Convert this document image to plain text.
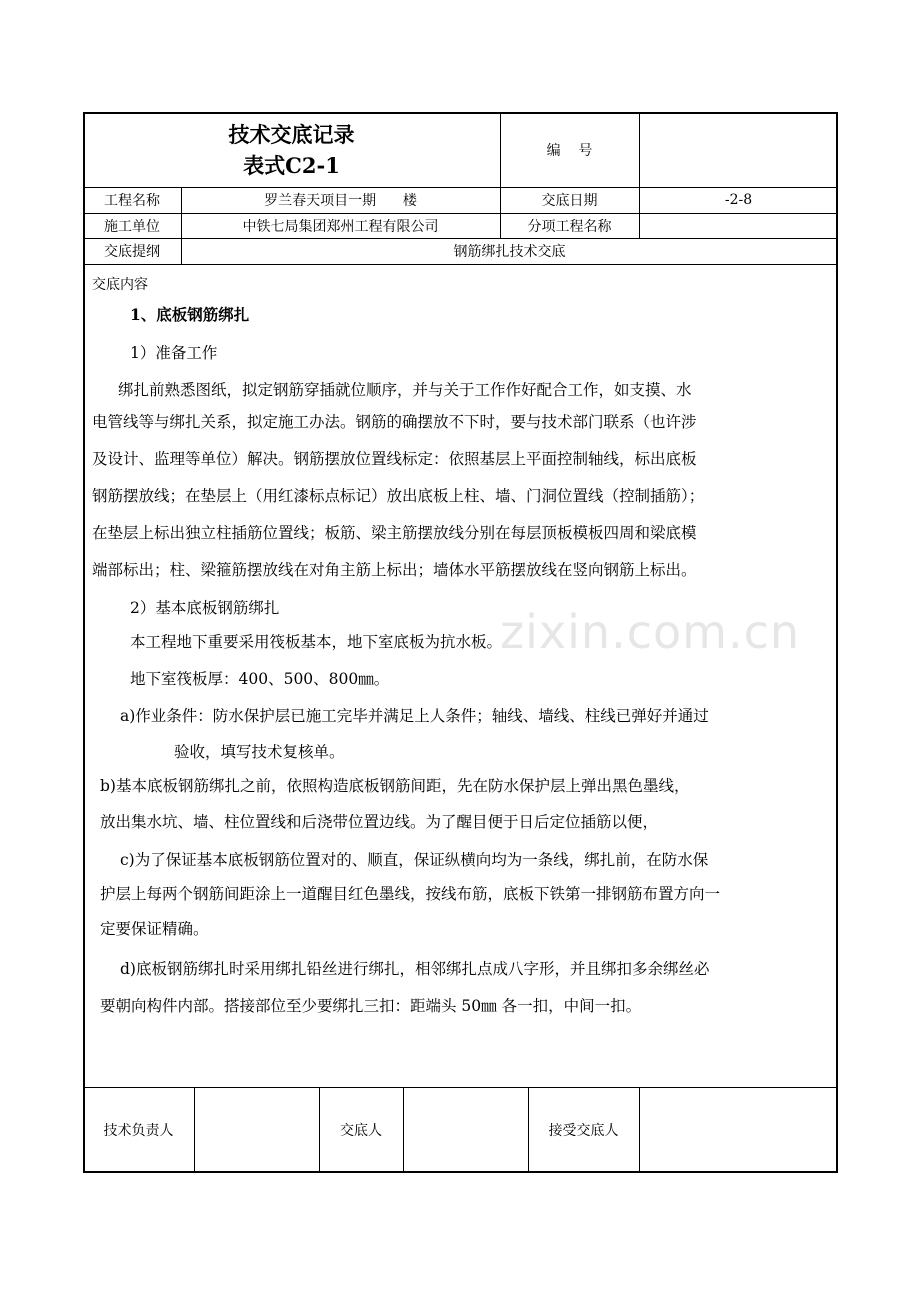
zixin.com.cn
技术交底记录
表式C2-1
编    号
工程名称	罗兰春天项目一期      楼	交底日期	-2-8
施工单位	中铁七局集团郑州工程有限公司	分项工程名称
交底提纲	钢筋绑扎技术交底
交底内容
1、底板钢筋绑扎
1）准备工作
绑扎前熟悉图纸，拟定钢筋穿插就位顺序，并与关于工作作好配合工作，如支摸、水
电管线等与绑扎关系，拟定施工办法。钢筋的确摆放不下时，要与技术部门联系（也许涉
及设计、监理等单位）解决。钢筋摆放位置线标定：依照基层上平面控制轴线，标出底板
钢筋摆放线；在垫层上（用红漆标点标记）放出底板上柱、墙、门洞位置线（控制插筋）；
在垫层上标出独立柱插筋位置线；板筋、梁主筋摆放线分别在每层顶板模板四周和梁底模
端部标出；柱、梁箍筋摆放线在对角主筋上标出；墙体水平筋摆放线在竖向钢筋上标出。
2）基本底板钢筋绑扎
本工程地下重要采用筏板基本，地下室底板为抗水板。
地下室筏板厚：400、500、800㎜。
a)作业条件：防水保护层已施工完毕并满足上人条件；轴线、墙线、柱线已弹好并通过
验收，填写技术复核单。
b)基本底板钢筋绑扎之前，依照构造底板钢筋间距，先在防水保护层上弹出黑色墨线，
放出集水坑、墙、柱位置线和后浇带位置边线。为了醒目便于日后定位插筋以便，
c)为了保证基本底板钢筋位置对的、顺直，保证纵横向均为一条线，绑扎前，在防水保
护层上每两个钢筋间距涂上一道醒目红色墨线，按线布筋，底板下铁第一排钢筋布置方向一
定要保证精确。
d)底板钢筋绑扎时采用绑扎铅丝进行绑扎，相邻绑扎点成八字形，并且绑扣多余绑丝必
要朝向构件内部。搭接部位至少要绑扎三扣：距端头 50㎜ 各一扣，中间一扣。
技术负责人	交底人	接受交底人
